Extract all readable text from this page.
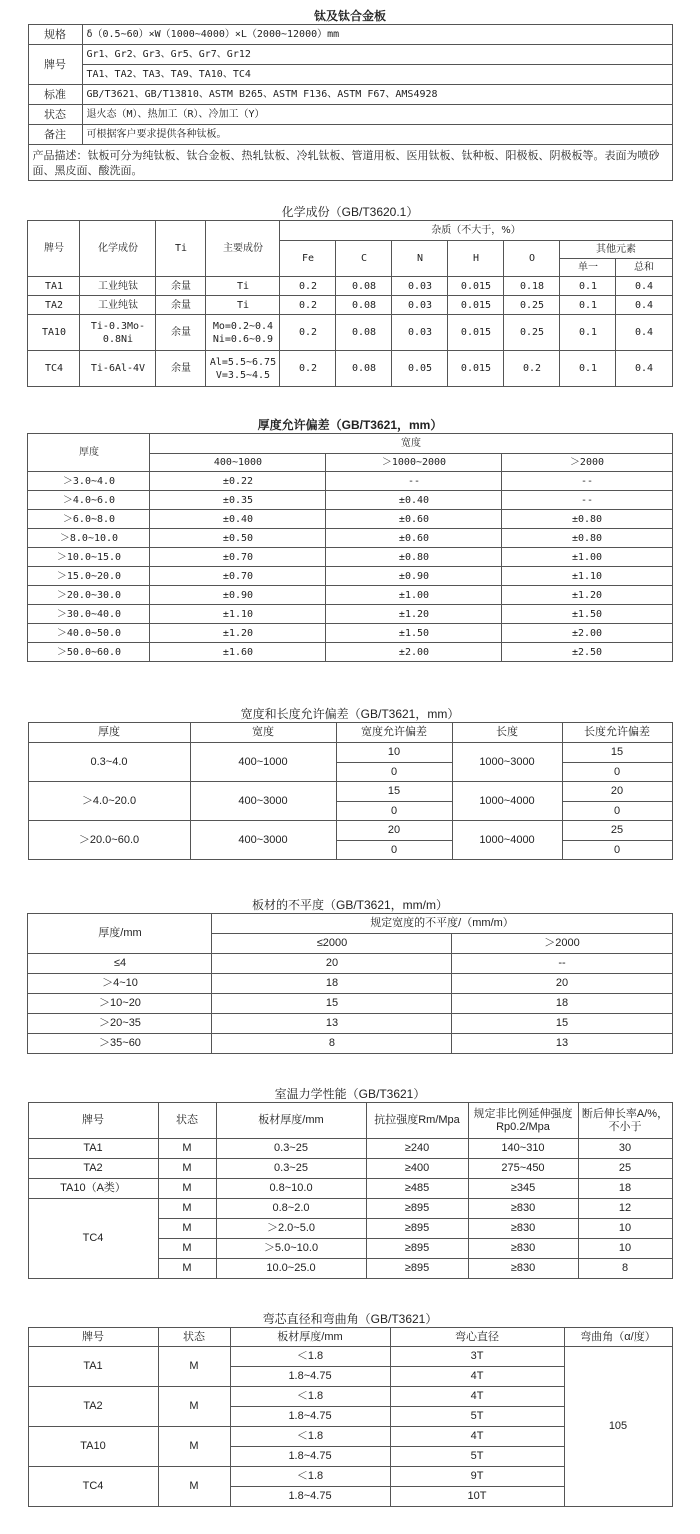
钛及钛合金板
规格	δ（0.5~60）×W（1000~4000）×L（2000~12000）mm
牌号	Gr1、Gr2、Gr3、Gr5、Gr7、Gr12
	TA1、TA2、TA3、TA9、TA10、TC4
标准	GB/T3621、GB/T13810、ASTM B265、ASTM F136、ASTM F67、AMS4928
状态	退火态（M）、热加工（R）、冷加工（Y）
备注	可根据客户要求提供各种钛板。
产品描述：钛板可分为纯钛板、钛合金板、热轧钛板、冷轧钛板、管道用板、医用钛板、钛种板、阳极板、阴极板等。表面为喷砂面、黑皮面、酸洗面。	
化学成份（GB/T3620.1）
牌号	化学成份	Ti	主要成份	杂质（不大于，%）						
				Fe	C	N	H	O	其他元素	
									单一	总和
TA1	工业纯钛	余量	Ti	0.2	0.08	0.03	0.015	0.18	0.1	0.4
TA2	工业纯钛	余量	Ti	0.2	0.08	0.03	0.015	0.25	0.1	0.4
TA10	Ti-0.3Mo-0.8Ni	余量	Mo=0.2~0.4 Ni=0.6~0.9	0.2	0.08	0.03	0.015	0.25	0.1	0.4
TC4	Ti-6Al-4V	余量	Al=5.5~6.75 V=3.5~4.5	0.2	0.08	0.05	0.015	0.2	0.1	0.4
厚度允许偏差（GB/T3621，mm）
厚度	宽度		
	400~1000	＞1000~2000	＞2000
＞3.0~4.0	±0.22	--	--
＞4.0~6.0	±0.35	±0.40	--
＞6.0~8.0	±0.40	±0.60	±0.80
＞8.0~10.0	±0.50	±0.60	±0.80
＞10.0~15.0	±0.70	±0.80	±1.00
＞15.0~20.0	±0.70	±0.90	±1.10
＞20.0~30.0	±0.90	±1.00	±1.20
＞30.0~40.0	±1.10	±1.20	±1.50
＞40.0~50.0	±1.20	±1.50	±2.00
＞50.0~60.0	±1.60	±2.00	±2.50
宽度和长度允许偏差（GB/T3621，mm）
厚度	宽度	宽度允许偏差	长度	长度允许偏差
0.3~4.0	400~1000	10	1000~3000	15
		0		0
＞4.0~20.0	400~3000	15	1000~4000	20
		0		0
＞20.0~60.0	400~3000	20	1000~4000	25
		0		0
板材的不平度（GB/T3621，mm/m）
厚度/mm	规定宽度的不平度/（mm/m）	
	≤2000	＞2000
≤4	20	--
＞4~10	18	20
＞10~20	15	18
＞20~35	13	15
＞35~60	8	13
室温力学性能（GB/T3621）
牌号	状态	板材厚度/mm	抗拉强度Rm/Mpa	规定非比例延伸强度Rp0.2/Mpa	断后伸长率A/%，不小于
TA1	M	0.3~25	≥240	140~310	30
TA2	M	0.3~25	≥400	275~450	25
TA10（A类）	M	0.8~10.0	≥485	≥345	18
TC4	M	0.8~2.0	≥895	≥830	12
	M	＞2.0~5.0	≥895	≥830	10
	M	＞5.0~10.0	≥895	≥830	10
	M	10.0~25.0	≥895	≥830	8
弯芯直径和弯曲角（GB/T3621）
牌号	状态	板材厚度/mm	弯心直径	弯曲角（α/度）
TA1	M	＜1.8	3T	105
		1.8~4.75	4T	
TA2	M	＜1.8	4T	
		1.8~4.75	5T	
TA10	M	＜1.8	4T	
		1.8~4.75	5T	
TC4	M	＜1.8	9T	
		1.8~4.75	10T	
